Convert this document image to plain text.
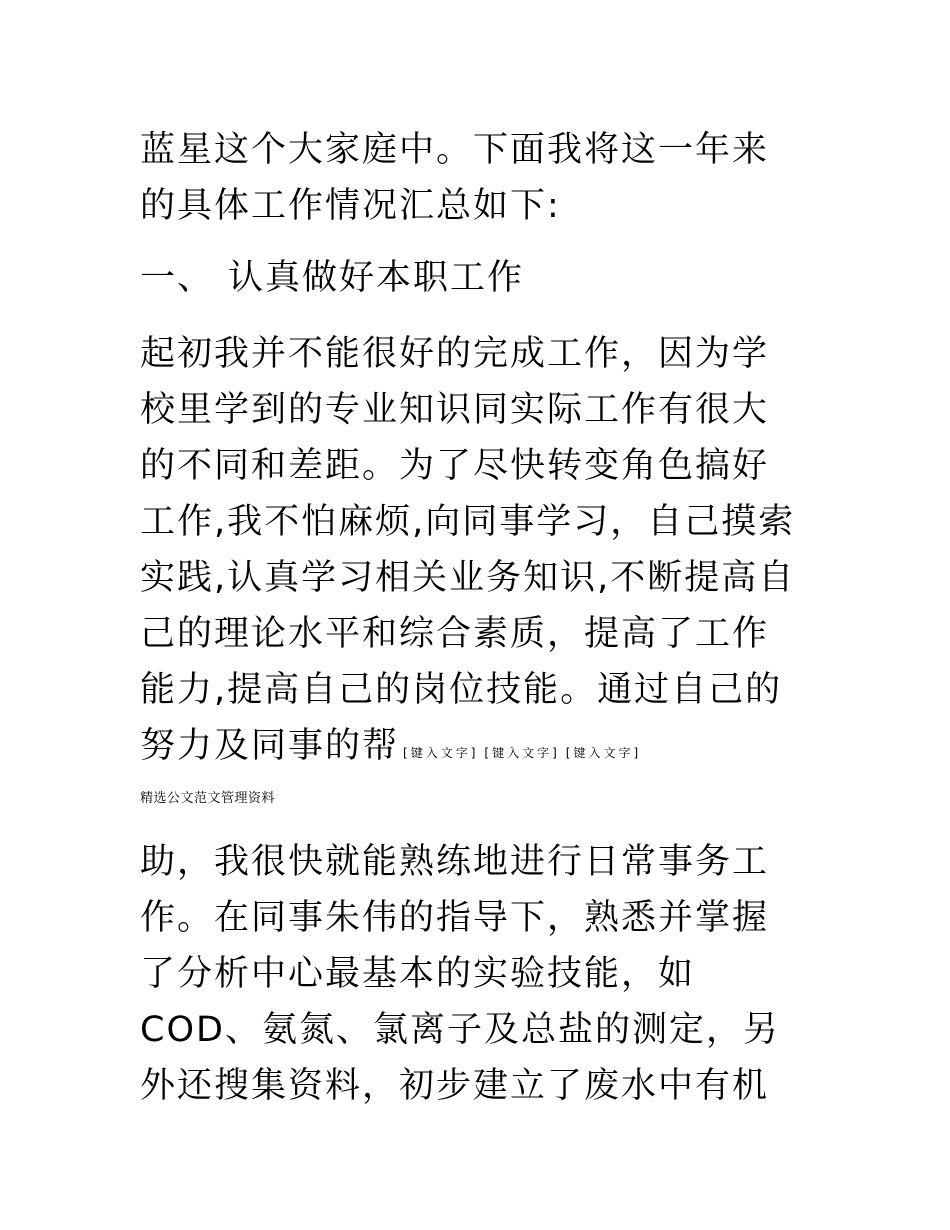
蓝星这个大家庭中。下面我将这一年来

的具体工作情况汇总如下:

一、 认真做好本职工作

起初我并不能很好的完成工作，因为学

校里学到的专业知识同实际工作有很大

的不同和差距。为了尽快转变角色搞好

工作,我不怕麻烦,向同事学习，自己摸索

实践,认真学习相关业务知识,不断提高自

己的理论水平和综合素质，提高了工作

能力,提高自己的岗位技能。通过自己的

努力及同事的帮 [键入文字] [键入文字] [键入文字]

精选公文范文管理资料

助，我很快就能熟练地进行日常事务工

作。在同事朱伟的指导下，熟悉并掌握

了分析中心最基本的实验技能，如

COD、氨氮、氯离子及总盐的测定，另

外还搜集资料，初步建立了废水中有机
